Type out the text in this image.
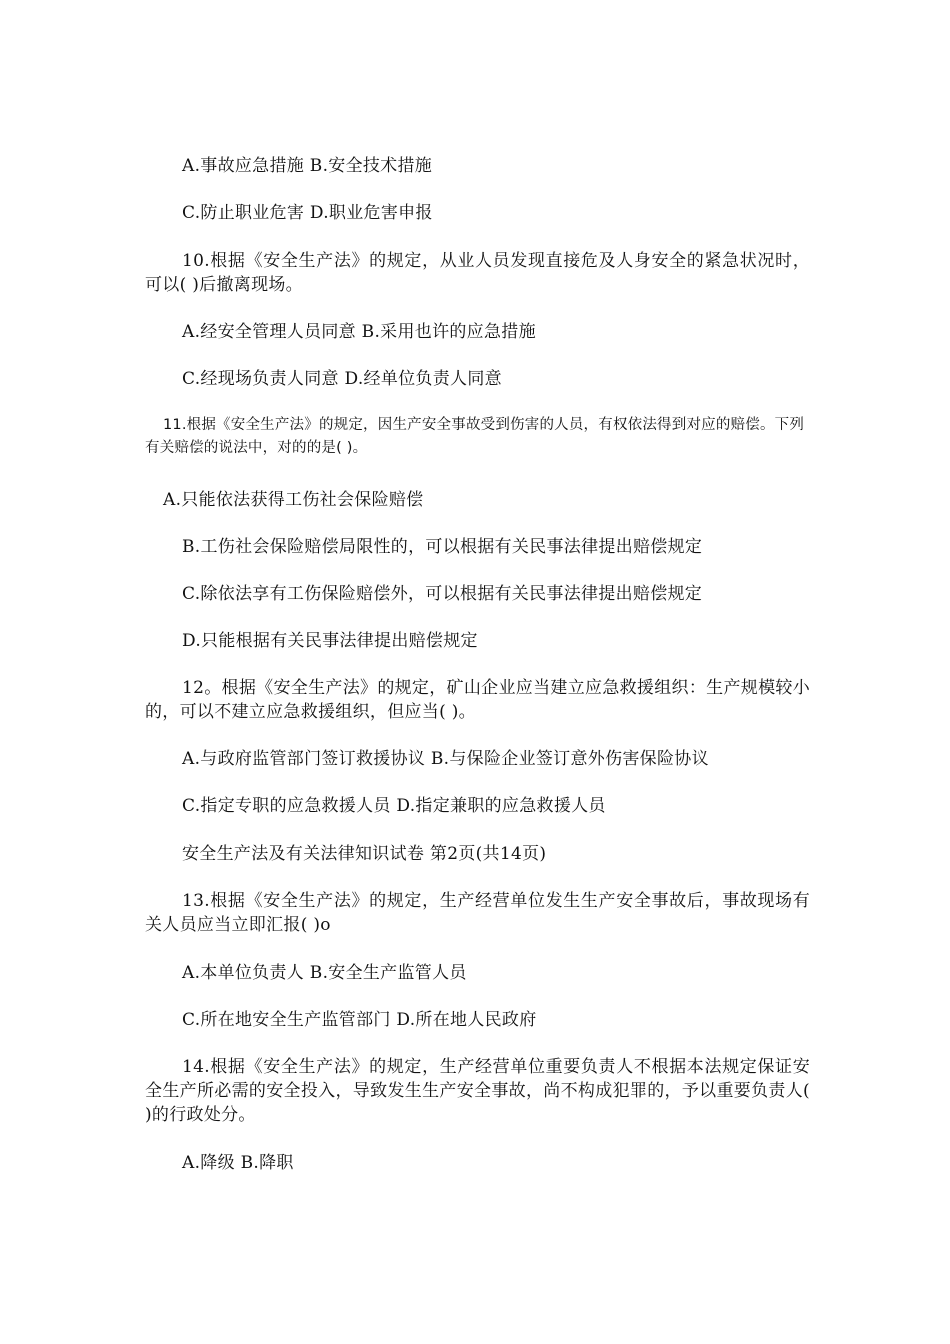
A.事故应急措施 B.安全技术措施
C.防止职业危害 D.职业危害申报
10.根据《安全生产法》的规定，从业人员发现直接危及人身安全的紧急状况时，可以( )后撤离现场。
A.经安全管理人员同意 B.采用也许的应急措施
C.经现场负责人同意 D.经单位负责人同意
11.根据《安全生产法》的规定，因生产安全事故受到伤害的人员，有权依法得到对应的赔偿。下列有关赔偿的说法中，对的的是( )。
A.只能依法获得工伤社会保险赔偿
B.工伤社会保险赔偿局限性的，可以根据有关民事法律提出赔偿规定
C.除依法享有工伤保险赔偿外，可以根据有关民事法律提出赔偿规定
D.只能根据有关民事法律提出赔偿规定
12。根据《安全生产法》的规定，矿山企业应当建立应急救援组织：生产规模较小的，可以不建立应急救援组织，但应当( )。
A.与政府监管部门签订救援协议 B.与保险企业签订意外伤害保险协议
C.指定专职的应急救援人员 D.指定兼职的应急救援人员
安全生产法及有关法律知识试卷 第2页(共14页)
13.根据《安全生产法》的规定，生产经营单位发生生产安全事故后，事故现场有关人员应当立即汇报( )o
A.本单位负责人 B.安全生产监管人员
C.所在地安全生产监管部门 D.所在地人民政府
14.根据《安全生产法》的规定，生产经营单位重要负责人不根据本法规定保证安全生产所必需的安全投入，导致发生生产安全事故，尚不构成犯罪的，予以重要负责人( )的行政处分。
A.降级 B.降职
